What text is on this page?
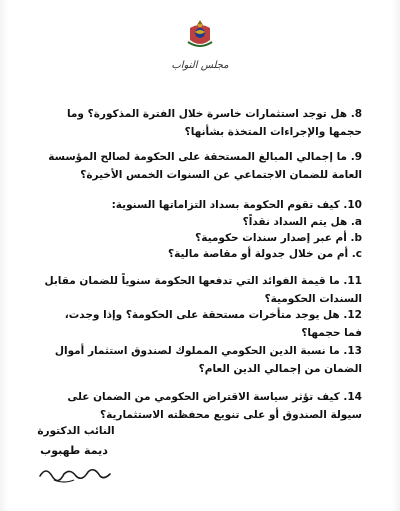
مجلس النواب
8. هل توجد استثمارات خاسرة خلال الفترة المذكورة؟ وما حجمها والإجراءات المتخذة بشأنها؟
9. ما إجمالي المبالغ المستحقة على الحكومة لصالح المؤسسة العامة للضمان الاجتماعي عن السنوات الخمس الأخيرة؟
10. كيف تقوم الحكومة بسداد التزاماتها السنوية:
a. هل يتم السداد نقداً؟
b. أم عبر إصدار سندات حكومية؟
c. أم من خلال جدولة أو مقاصة مالية؟
11. ما قيمة الفوائد التي تدفعها الحكومة سنوياً للضمان مقابل السندات الحكومية؟
12. هل يوجد متأخرات مستحقة على الحكومة؟ وإذا وجدت، فما حجمها؟
13. ما نسبة الدين الحكومي المملوك لصندوق استثمار أموال الضمان من إجمالي الدين العام؟
14. كيف تؤثر سياسة الاقتراض الحكومي من الضمان على سيولة الصندوق أو على تنويع محفظته الاستثمارية؟
النائب الدكتورة
ديمة طهبوب
